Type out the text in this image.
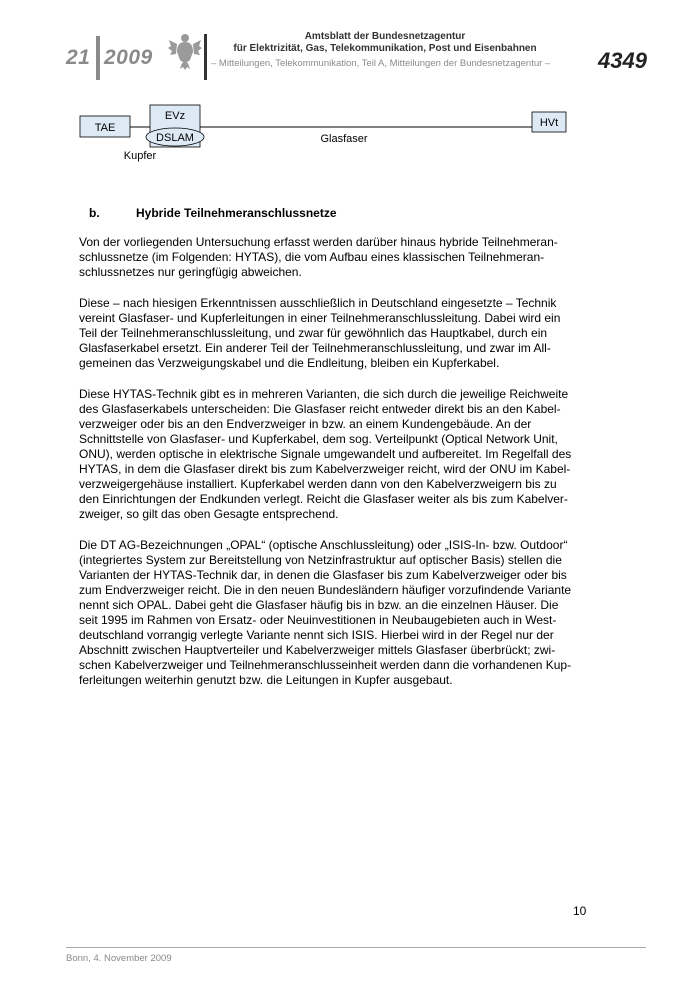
21 2009
Amtsblatt der Bundesnetzagentur
für Elektrizität, Gas, Telekommunikation, Post und Eisenbahnen
– Mitteilungen, Telekommunikation, Teil A, Mitteilungen der Bundesnetzagentur – 4349
TAE
EVz
DSLAM
HVt
Glasfaser
Kupfer
b.	Hybride Teilnehmeranschlussnetze

Von der vorliegenden Untersuchung erfasst werden darüber hinaus hybride Teilnehmeran-
schlussnetze (im Folgenden: HYTAS), die vom Aufbau eines klassischen Teilnehmeran-
schlussnetzes nur geringfügig abweichen.

Diese – nach hiesigen Erkenntnissen ausschließlich in Deutschland eingesetzte – Technik
vereint Glasfaser- und Kupferleitungen in einer Teilnehmeranschlussleitung. Dabei wird ein
Teil der Teilnehmeranschlussleitung, und zwar für gewöhnlich das Hauptkabel, durch ein
Glasfaserkabel ersetzt. Ein anderer Teil der Teilnehmeranschlussleitung, und zwar im All-
gemeinen das Verzweigungskabel und die Endleitung, bleiben ein Kupferkabel.

Diese HYTAS-Technik gibt es in mehreren Varianten, die sich durch die jeweilige Reichweite
des Glasfaserkabels unterscheiden: Die Glasfaser reicht entweder direkt bis an den Kabel-
verzweiger oder bis an den Endverzweiger in bzw. an einem Kundengebäude. An der
Schnittstelle von Glasfaser- und Kupferkabel, dem sog. Verteilpunkt (Optical Network Unit,
ONU), werden optische in elektrische Signale umgewandelt und aufbereitet. Im Regelfall des
HYTAS, in dem die Glasfaser direkt bis zum Kabelverzweiger reicht, wird der ONU im Kabel-
verzweigergehäuse installiert. Kupferkabel werden dann von den Kabelverzweigern bis zu
den Einrichtungen der Endkunden verlegt. Reicht die Glasfaser weiter als bis zum Kabelver-
zweiger, so gilt das oben Gesagte entsprechend.

Die DT AG-Bezeichnungen „OPAL“ (optische Anschlussleitung) oder „ISIS-In- bzw. Outdoor“
(integriertes System zur Bereitstellung von Netzinfrastruktur auf optischer Basis) stellen die
Varianten der HYTAS-Technik dar, in denen die Glasfaser bis zum Kabelverzweiger oder bis
zum Endverzweiger reicht. Die in den neuen Bundesländern häufiger vorzufindende Variante
nennt sich OPAL. Dabei geht die Glasfaser häufig bis in bzw. an die einzelnen Häuser. Die
seit 1995 im Rahmen von Ersatz- oder Neuinvestitionen in Neubaugebieten auch in West-
deutschland vorrangig verlegte Variante nennt sich ISIS. Hierbei wird in der Regel nur der
Abschnitt zwischen Hauptverteiler und Kabelverzweiger mittels Glasfaser überbrückt; zwi-
schen Kabelverzweiger und Teilnehmeranschlusseinheit werden dann die vorhandenen Kup-
ferleitungen weiterhin genutzt bzw. die Leitungen in Kupfer ausgebaut.

10
Bonn, 4. November 2009
